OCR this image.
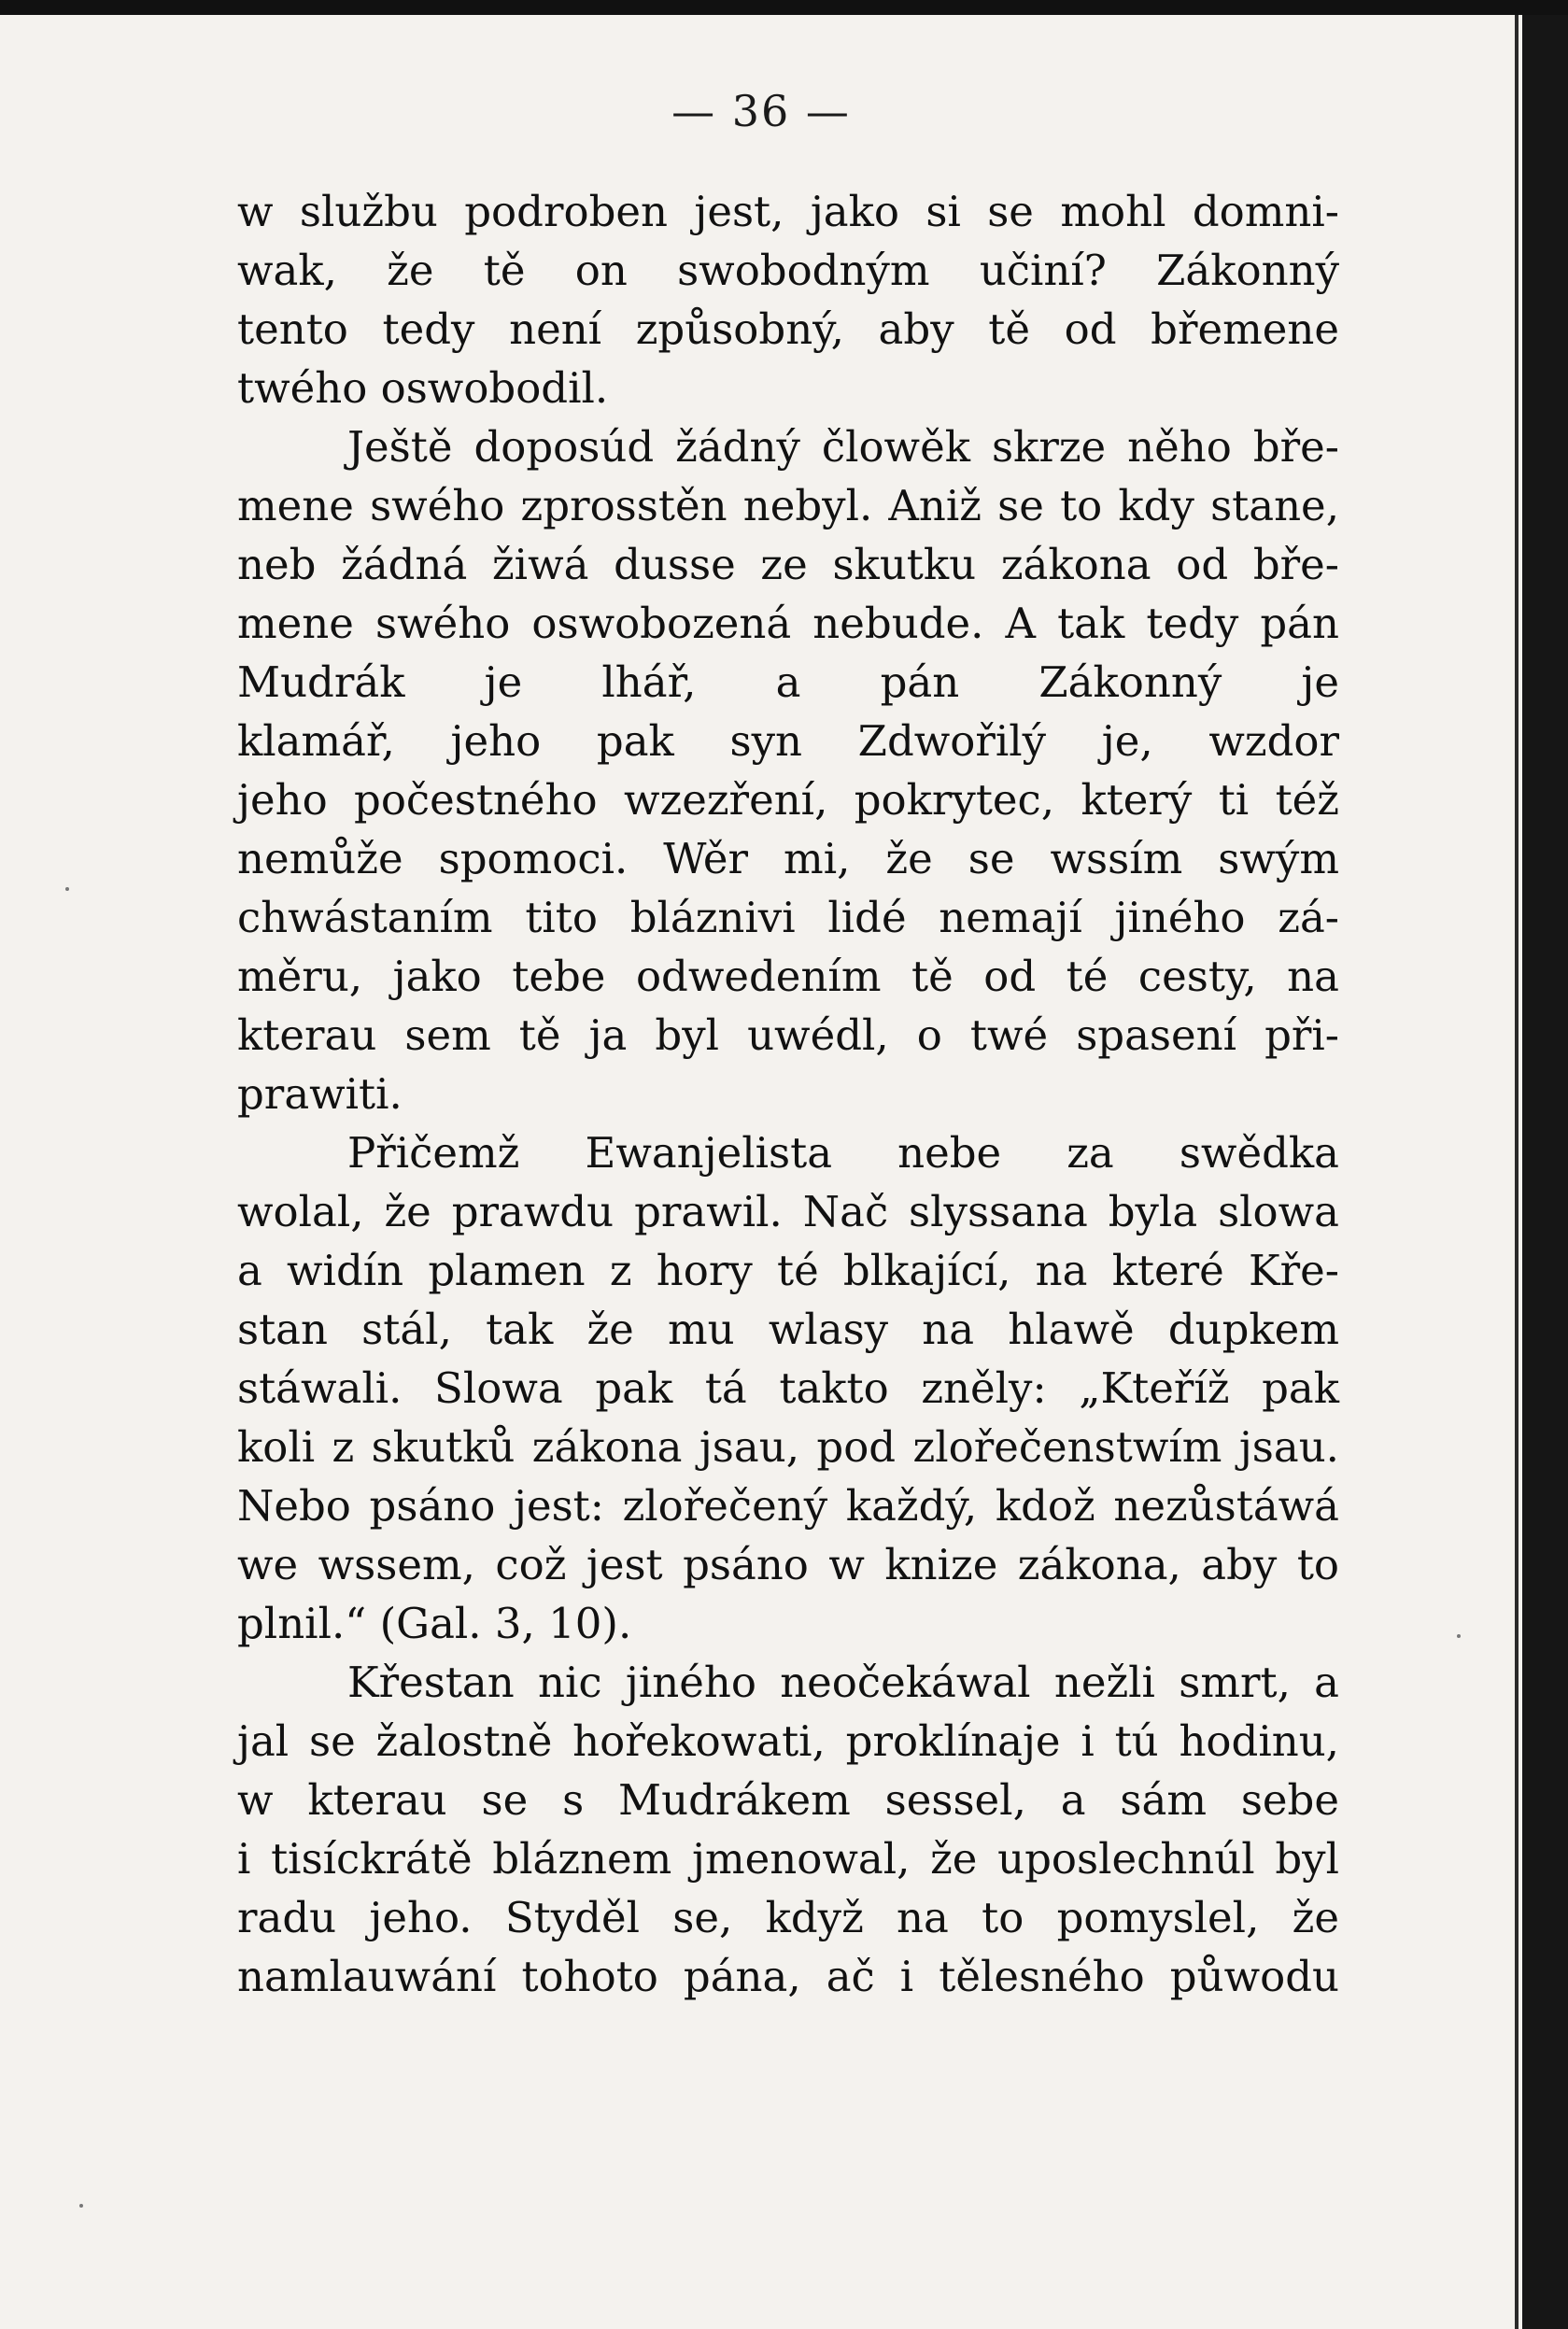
— 36 —
w službu podroben jest, jako si se mohl domni-
wak, že tě on swobodným učiní? Zákonný
tento tedy není způsobný, aby tě od břemene
twého oswobodil.
Ještě doposúd žádný člowěk skrze něho bře-
mene swého zprosstěn nebyl. Aniž se to kdy stane,
neb žádná žiwá dusse ze skutku zákona od bře-
mene swého oswobozená nebude. A tak tedy pán
Mudrák je lhář, a pán Zákonný je
klamář, jeho pak syn Zdwořilý je, wzdor
jeho počestného wzezření, pokrytec, který ti též
nemůže spomoci. Wěr mi, že se wssím swým
chwástaním tito bláznivi lidé nemají jiného zá-
měru, jako tebe odwedením tě od té cesty, na
kterau sem tě ja byl uwédl, o twé spasení při-
prawiti.
Přičemž Ewanjelista nebe za swědka
wolal, že prawdu prawil. Nač slyssana byla slowa
a widín plamen z hory té blkající, na které Kře-
stan stál, tak že mu wlasy na hlawě dupkem
stáwali. Slowa pak tá takto zněly: „Kteříž pak
koli z skutků zákona jsau, pod zlořečenstwím jsau.
Nebo psáno jest: zlořečený každý, kdož nezůstáwá
we wssem, což jest psáno w knize zákona, aby to
plnil.“ (Gal. 3, 10).
Křestan nic jiného neočekáwal nežli smrt, a
jal se žalostně hořekowati, proklínaje i tú hodinu,
w kterau se s Mudrákem sessel, a sám sebe
i tisíckrátě bláznem jmenowal, že uposlechnúl byl
radu jeho. Styděl se, když na to pomyslel, že
namlauwání tohoto pána, ač i tělesného půwodu
